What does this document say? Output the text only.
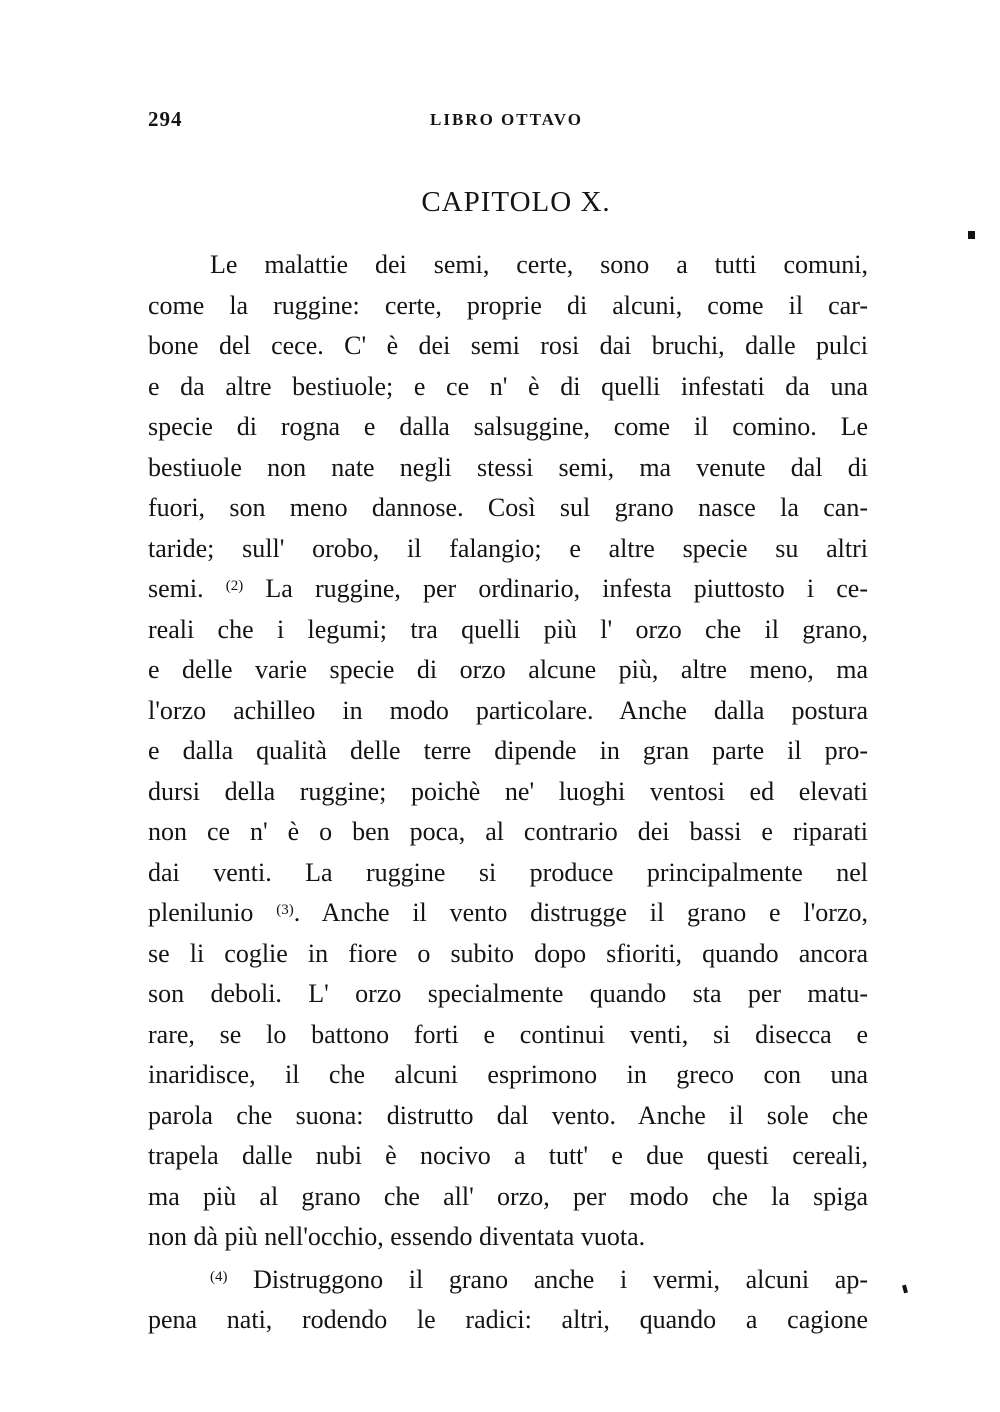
294	LIBRO OTTAVO
CAPITOLO X.
Le malattie dei semi, certe, sono a tutti comuni,
come la ruggine: certe, proprie di alcuni, come il car-
bone del cece. C' è dei semi rosi dai bruchi, dalle pulci
e da altre bestiuole; e ce n' è di quelli infestati da una
specie di rogna e dalla salsuggine, come il comino. Le
bestiuole non nate negli stessi semi, ma venute dal di
fuori, son meno dannose. Così sul grano nasce la can-
taride; sull' orobo, il falangio; e altre specie su altri
semi. $^{(2)}$ La ruggine, per ordinario, infesta piuttosto i ce-
reali che i legumi; tra quelli più l' orzo che il grano,
e delle varie specie di orzo alcune più, altre meno, ma
l'orzo achilleo in modo particolare. Anche dalla postura
e dalla qualità delle terre dipende in gran parte il pro-
dursi della ruggine; poichè ne' luoghi ventosi ed elevati
non ce n' è o ben poca, al contrario dei bassi e riparati
dai venti. La ruggine si produce principalmente nel
plenilunio $^{(3)}$. Anche il vento distrugge il grano e l'orzo,
se li coglie in fiore o subito dopo sfioriti, quando ancora
son deboli. L' orzo specialmente quando sta per matu-
rare, se lo battono forti e continui venti, si disecca e
inaridisce, il che alcuni esprimono in greco con una
parola che suona: distrutto dal vento. Anche il sole che
trapela dalle nubi è nocivo a tutt' e due questi cereali,
ma più al grano che all' orzo, per modo che la spiga
non dà più nell'occhio, essendo diventata vuota.
$^{(4)}$ Distruggono il grano anche i vermi, alcuni ap-
pena nati, rodendo le radici: altri, quando a cagione
